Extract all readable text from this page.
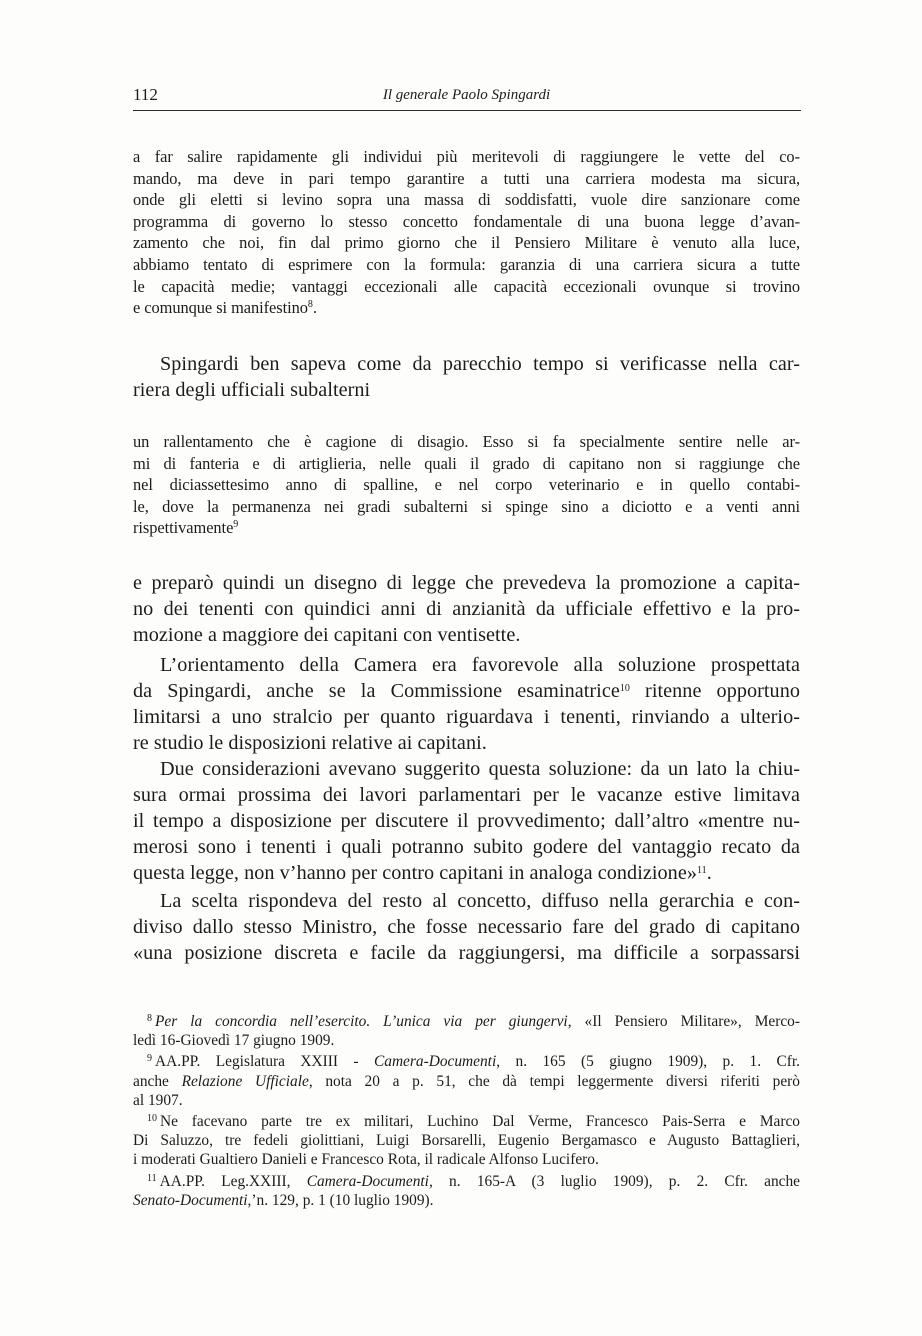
112	Il generale Paolo Spingardi
a far salire rapidamente gli individui più meritevoli di raggiungere le vette del co-
mando, ma deve in pari tempo garantire a tutti una carriera modesta ma sicura,
onde gli eletti si levino sopra una massa di soddisfatti, vuole dire sanzionare come
programma di governo lo stesso concetto fondamentale di una buona legge d’avan-
zamento che noi, fin dal primo giorno che il Pensiero Militare è venuto alla luce,
abbiamo tentato di esprimere con la formula: garanzia di una carriera sicura a tutte
le capacità medie; vantaggi eccezionali alle capacità eccezionali ovunque si trovino
e comunque si manifestino$^8$.
Spingardi ben sapeva come da parecchio tempo si verificasse nella car-
riera degli ufficiali subalterni
un rallentamento che è cagione di disagio. Esso si fa specialmente sentire nelle ar-
mi di fanteria e di artiglieria, nelle quali il grado di capitano non si raggiunge che
nel diciassettesimo anno di spalline, e nel corpo veterinario e in quello contabi-
le, dove la permanenza nei gradi subalterni si spinge sino a diciotto e a venti anni
rispettivamente$^9$
e preparò quindi un disegno di legge che prevedeva la promozione a capita-
no dei tenenti con quindici anni di anzianità da ufficiale effettivo e la pro-
mozione a maggiore dei capitani con ventisette.
L’orientamento della Camera era favorevole alla soluzione prospettata
da Spingardi, anche se la Commissione esaminatrice$^{10}$ ritenne opportuno
limitarsi a uno stralcio per quanto riguardava i tenenti, rinviando a ulterio-
re studio le disposizioni relative ai capitani.
Due considerazioni avevano suggerito questa soluzione: da un lato la chiu-
sura ormai prossima dei lavori parlamentari per le vacanze estive limitava
il tempo a disposizione per discutere il provvedimento; dall’altro «mentre nu-
merosi sono i tenenti i quali potranno subito godere del vantaggio recato da
questa legge, non v’hanno per contro capitani in analoga condizione»$^{11}$.
La scelta rispondeva del resto al concetto, diffuso nella gerarchia e con-
diviso dallo stesso Ministro, che fosse necessario fare del grado di capitano
«una posizione discreta e facile da raggiungersi, ma difficile a sorpassarsi
$^8$ Per la concordia nell’esercito. L’unica via per giungervi, «Il Pensiero Militare», Merco-
ledì 16-Giovedì 17 giugno 1909.
$^9$ AA.PP. Legislatura XXIII - Camera-Documenti, n. 165 (5 giugno 1909), p. 1. Cfr.
anche Relazione Ufficiale, nota 20 a p. 51, che dà tempi leggermente diversi riferiti però
al 1907.
$^{10}$ Ne facevano parte tre ex militari, Luchino Dal Verme, Francesco Pais-Serra e Marco
Di Saluzzo, tre fedeli giolittiani, Luigi Borsarelli, Eugenio Bergamasco e Augusto Battaglieri,
i moderati Gualtiero Danieli e Francesco Rota, il radicale Alfonso Lucifero.
$^{11}$ AA.PP. Leg.XXIII, Camera-Documenti, n. 165-A (3 luglio 1909), p. 2. Cfr. anche
Senato-Documenti,ʼn. 129, p. 1 (10 luglio 1909).
